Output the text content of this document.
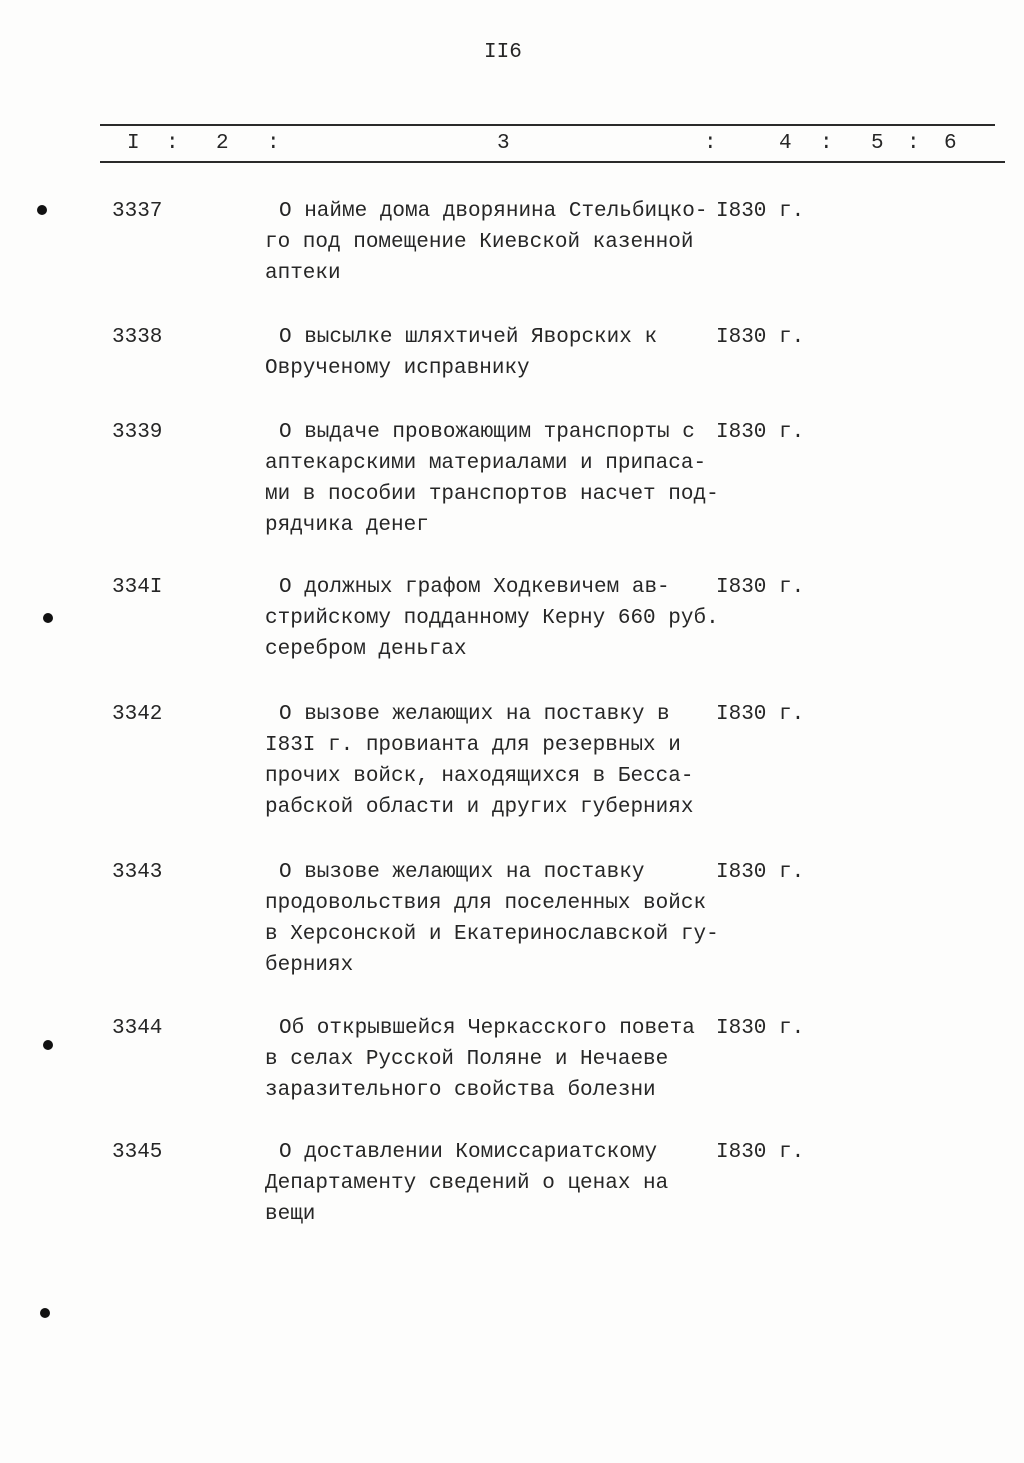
II6
I : 2 :	3	:	4 : 5 : 6
3337	О найме дома дворянина Стельбицко-
го под помещение Киевской казенной
аптеки
I830 г.
3338	О высылке шляхтичей Яворских к
Оврученому исправнику
I830 г.
3339	О выдаче провожающим транспорты с
аптекарскими материалами и припаса-
ми в пособии транспортов насчет под-
рядчика денег
I830 г.
334I	О должных графом Ходкевичем ав-
стрийскому подданному Керну 660 руб.
серебром деньгах
I830 г.
3342	О вызове желающих на поставку в
I83I г. провианта для резервных и
прочих войск, находящихся в Бесса-
рабской области и других губерниях
I830 г.
3343	О вызове желающих на поставку
продовольствия для поселенных войск
в Херсонской и Екатеринославской гу-
берниях
I830 г.
3344	Об открывшейся Черкасского повета
в селах Русской Поляне и Нечаеве
заразительного свойства болезни
I830 г.
3345	О доставлении Комиссариатскому
Департаменту сведений о ценах на
вещи
I830 г.
